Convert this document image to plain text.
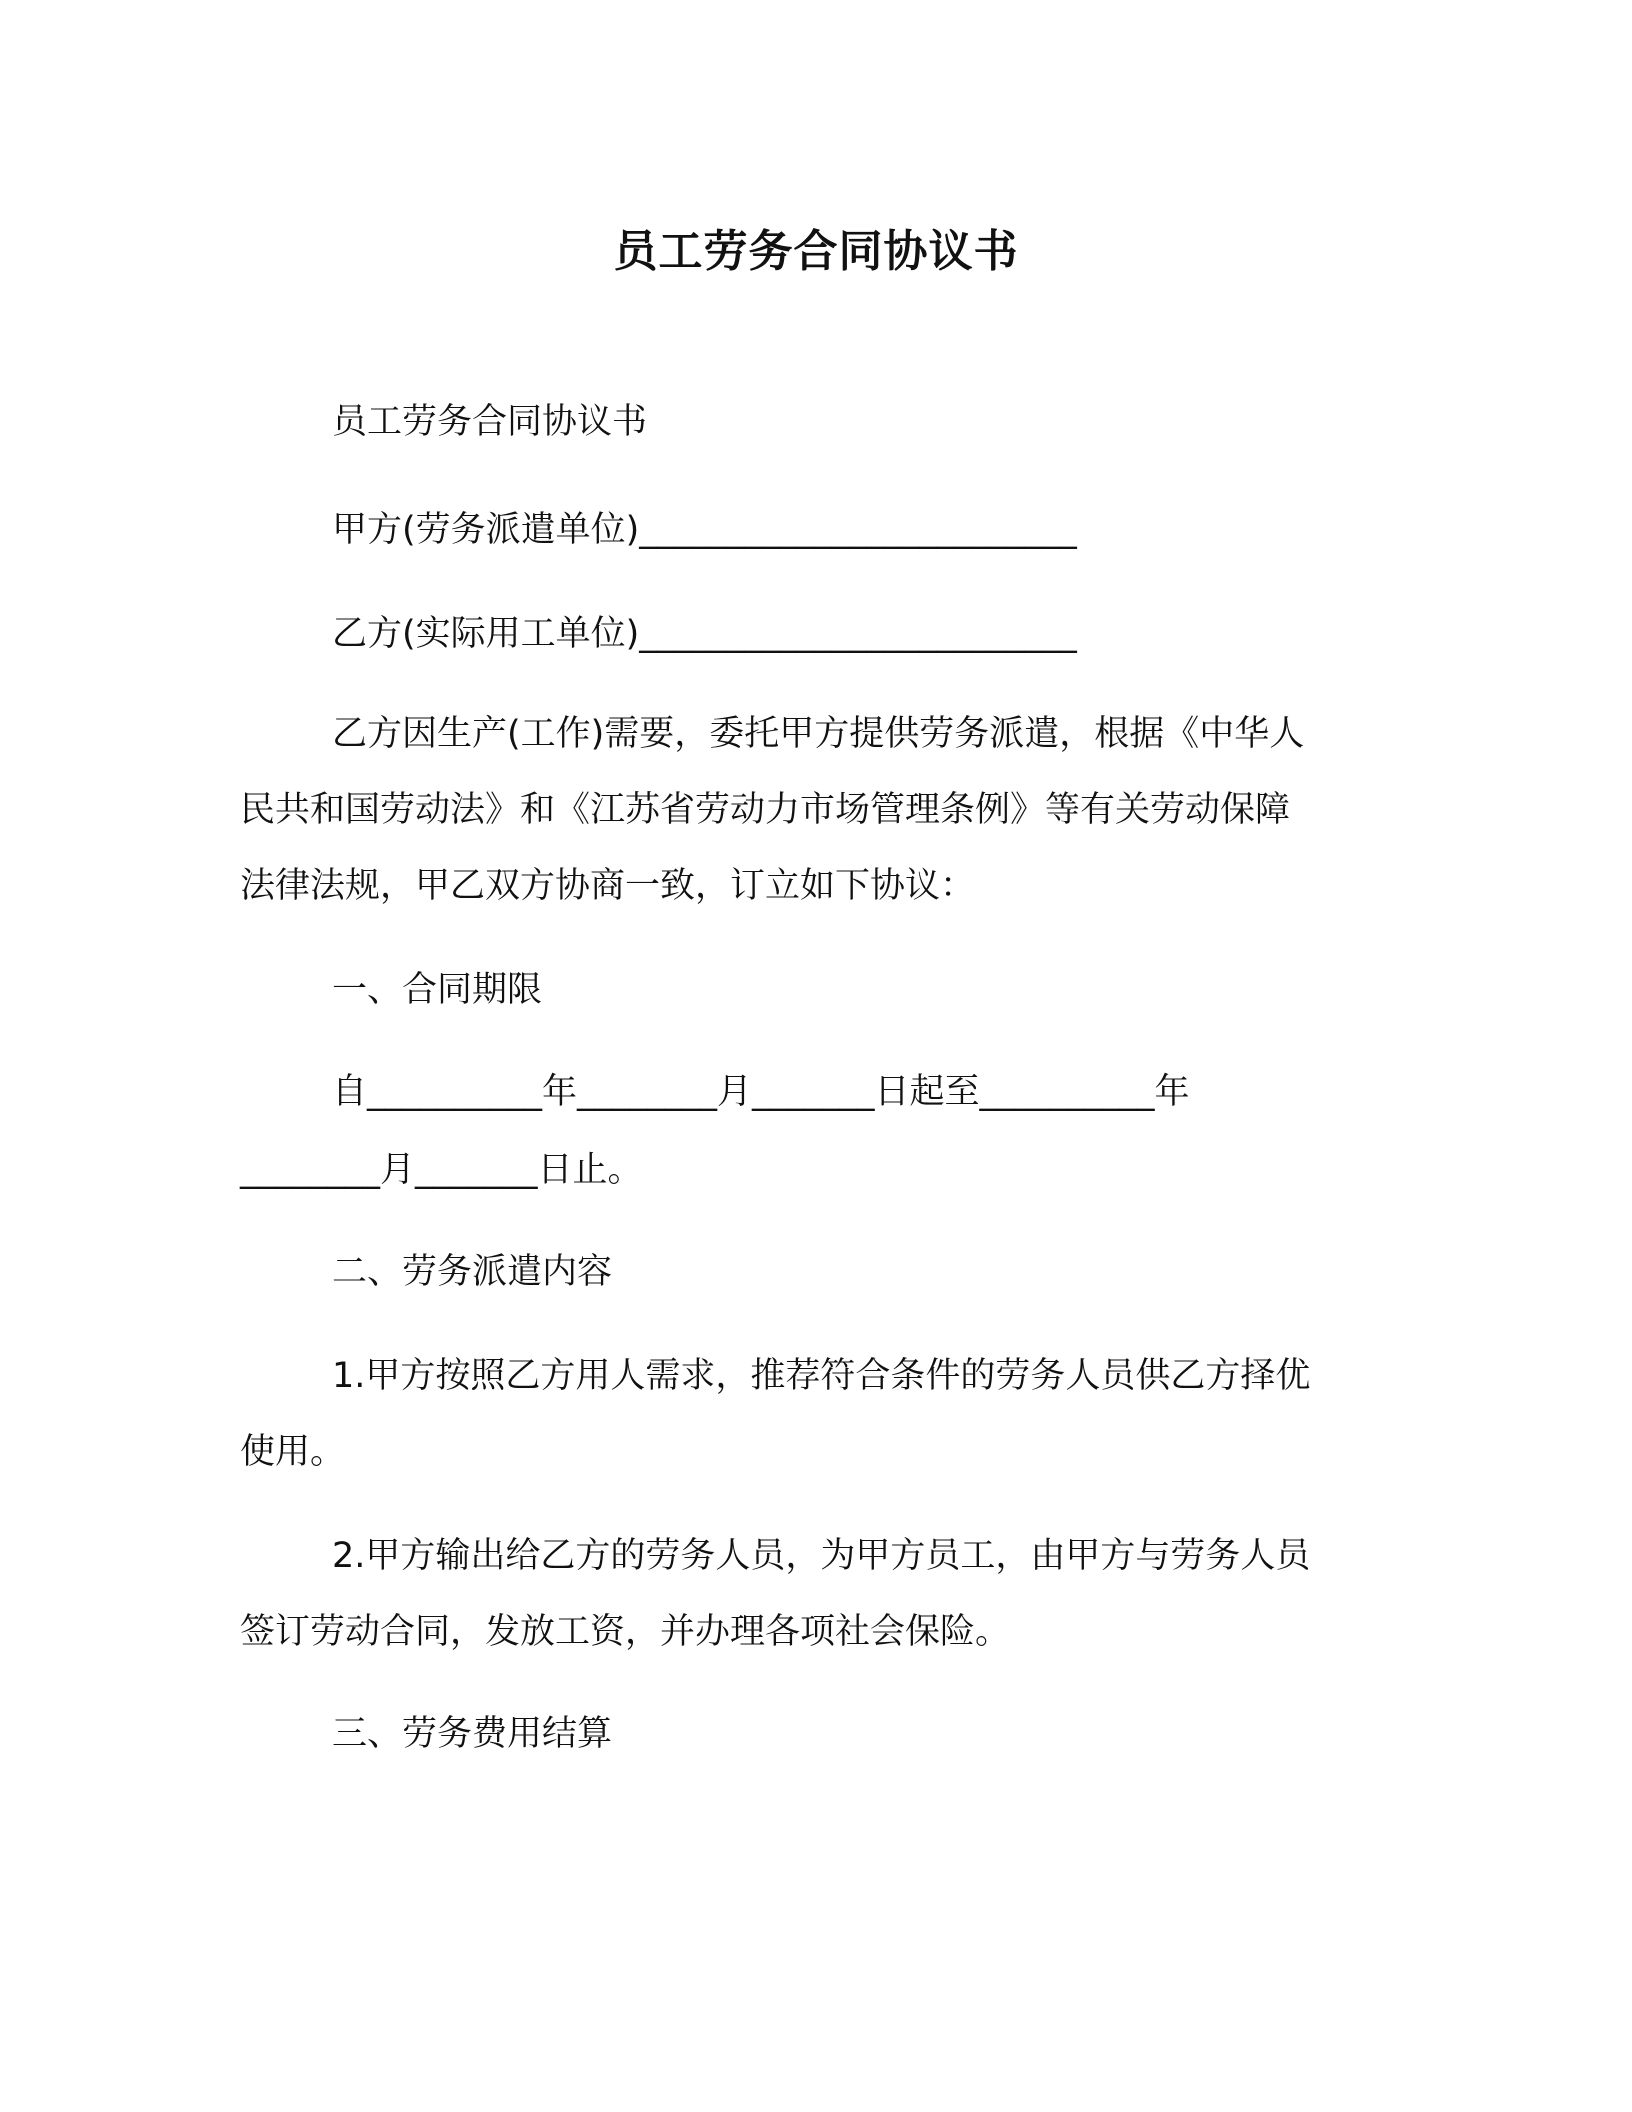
员工劳务合同协议书
员工劳务合同协议书
甲方(劳务派遣单位)_________________________
乙方(实际用工单位)_________________________
乙方因生产(工作)需要，委托甲方提供劳务派遣，根据《中华人
民共和国劳动法》和《江苏省劳动力市场管理条例》等有关劳动保障
法律法规，甲乙双方协商一致，订立如下协议：
一、合同期限
自__________年________月_______日起至__________年
________月_______日止。
二、劳务派遣内容
1.甲方按照乙方用人需求，推荐符合条件的劳务人员供乙方择优
使用。
2.甲方输出给乙方的劳务人员，为甲方员工，由甲方与劳务人员
签订劳动合同，发放工资，并办理各项社会保险。
三、劳务费用结算
